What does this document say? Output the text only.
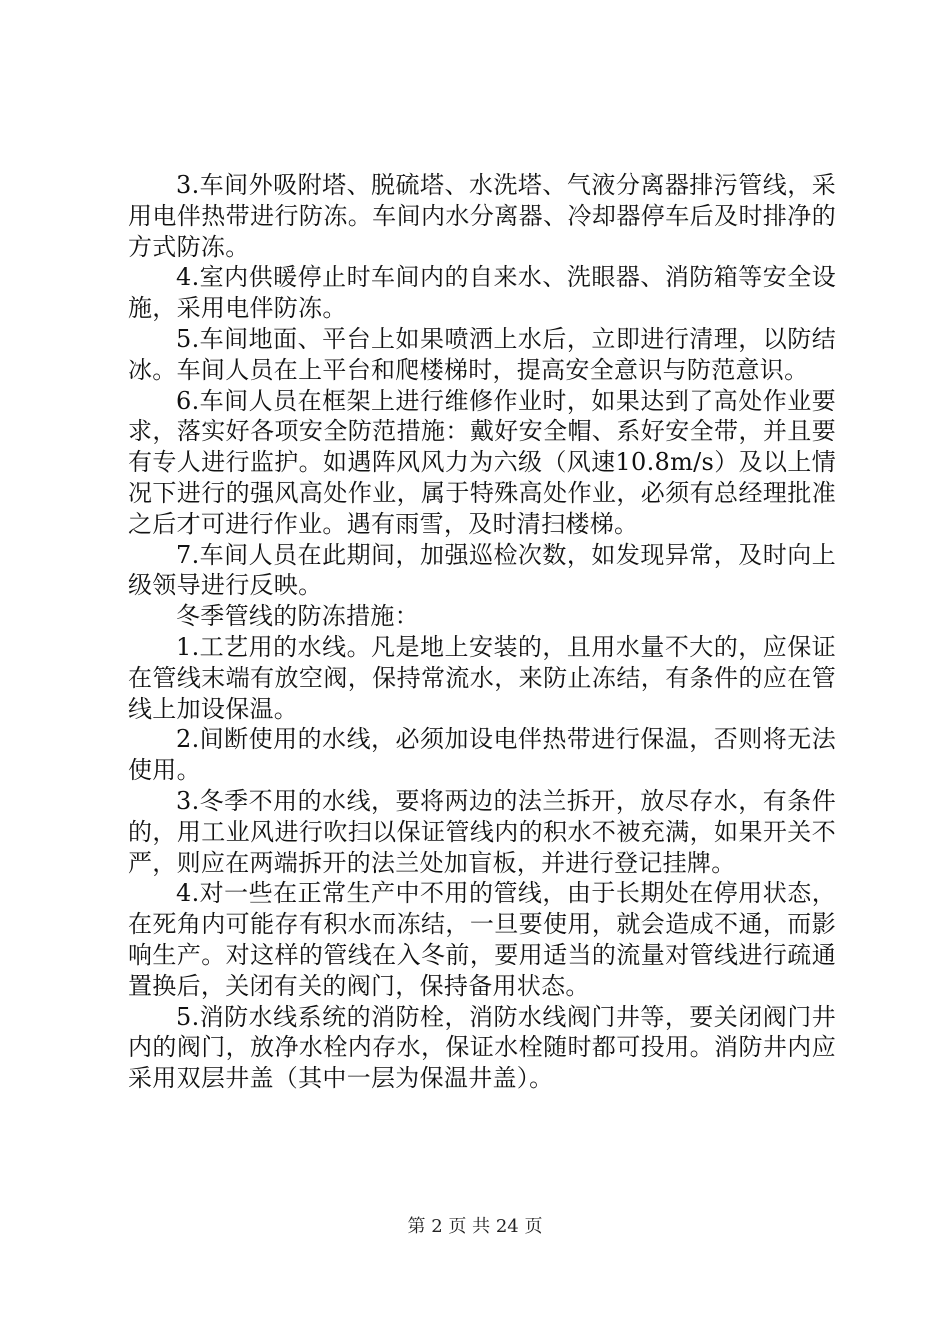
3.车间外吸附塔、脱硫塔、水洗塔、气液分离器排污管线，采用电伴热带进行防冻。车间内水分离器、冷却器停车后及时排净的方式防冻。

4.室内供暖停止时车间内的自来水、洗眼器、消防箱等安全设施，采用电伴防冻。

5.车间地面、平台上如果喷洒上水后，立即进行清理，以防结冰。车间人员在上平台和爬楼梯时，提高安全意识与防范意识。

6.车间人员在框架上进行维修作业时，如果达到了高处作业要求，落实好各项安全防范措施：戴好安全帽、系好安全带，并且要有专人进行监护。如遇阵风风力为六级（风速10.8m/s）及以上情况下进行的强风高处作业，属于特殊高处作业，必须有总经理批准之后才可进行作业。遇有雨雪，及时清扫楼梯。

7.车间人员在此期间，加强巡检次数，如发现异常，及时向上级领导进行反映。

冬季管线的防冻措施：

1.工艺用的水线。凡是地上安装的，且用水量不大的，应保证在管线末端有放空阀，保持常流水，来防止冻结，有条件的应在管线上加设保温。

2.间断使用的水线，必须加设电伴热带进行保温，否则将无法使用。

3.冬季不用的水线，要将两边的法兰拆开，放尽存水，有条件的，用工业风进行吹扫以保证管线内的积水不被充满，如果开关不严，则应在两端拆开的法兰处加盲板，并进行登记挂牌。

4.对一些在正常生产中不用的管线，由于长期处在停用状态，在死角内可能存有积水而冻结，一旦要使用，就会造成不通，而影响生产。对这样的管线在入冬前，要用适当的流量对管线进行疏通置换后，关闭有关的阀门，保持备用状态。

5.消防水线系统的消防栓，消防水线阀门井等，要关闭阀门井内的阀门，放净水栓内存水，保证水栓随时都可投用。消防井内应采用双层井盖（其中一层为保温井盖）。

第 2 页 共 24 页
